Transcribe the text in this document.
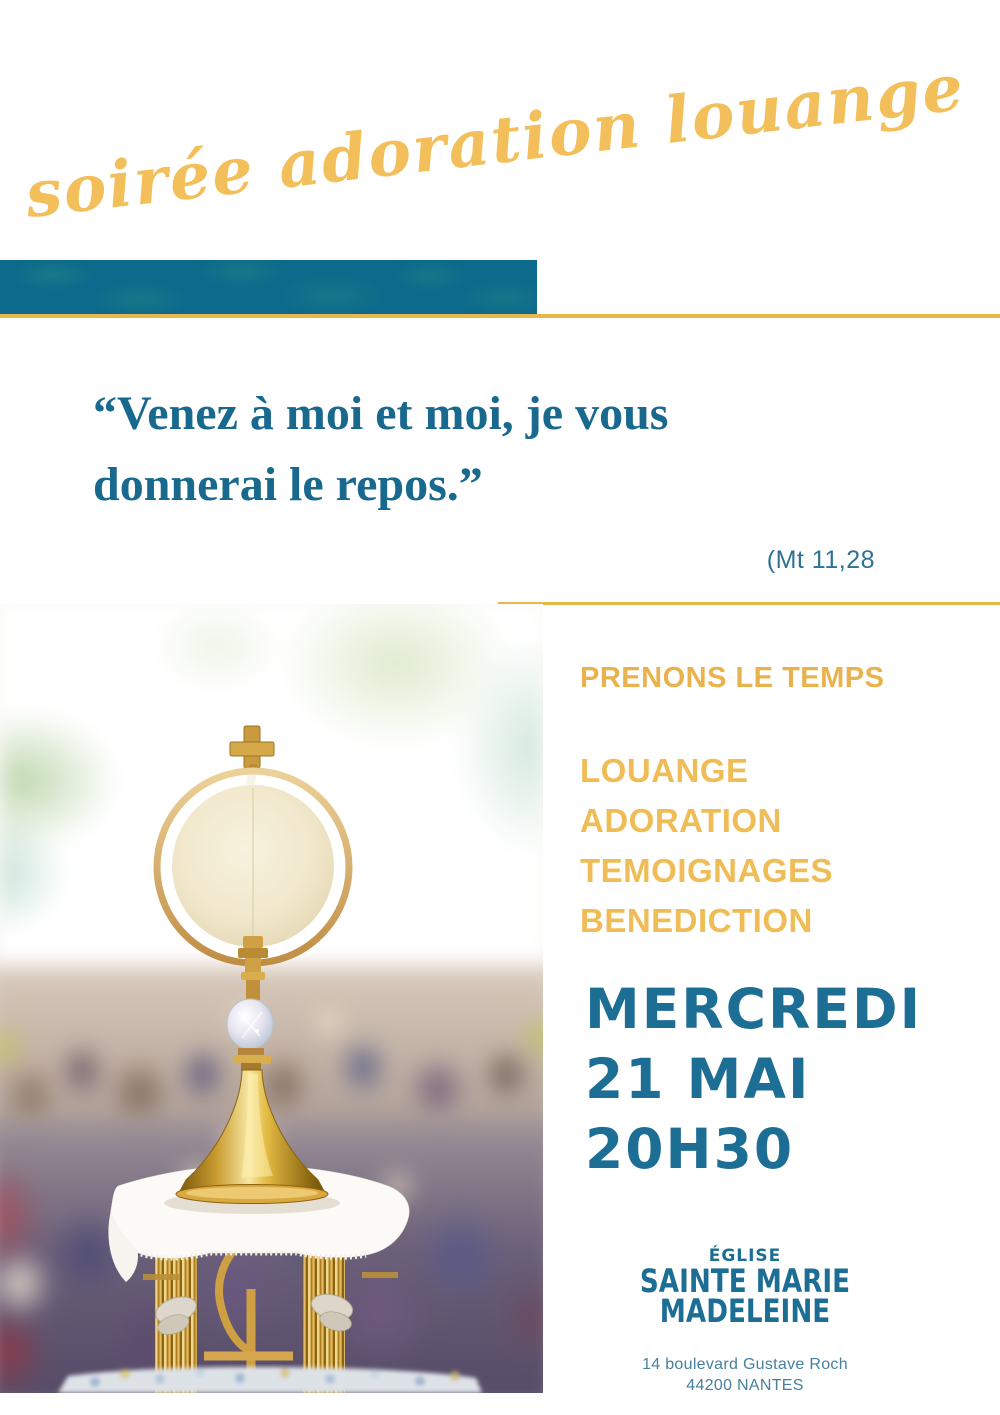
soirée adoration louange
“Venez à moi et moi, je vous
donnerai le repos.”
(Mt 11,28
PRENONS LE TEMPS
LOUANGE
ADORATION
TEMOIGNAGES
BENEDICTION
MERCREDI
21 MAI
20H30
ÉGLISE
SAINTE MARIE
MADELEINE
14 boulevard Gustave Roch
44200 NANTES
